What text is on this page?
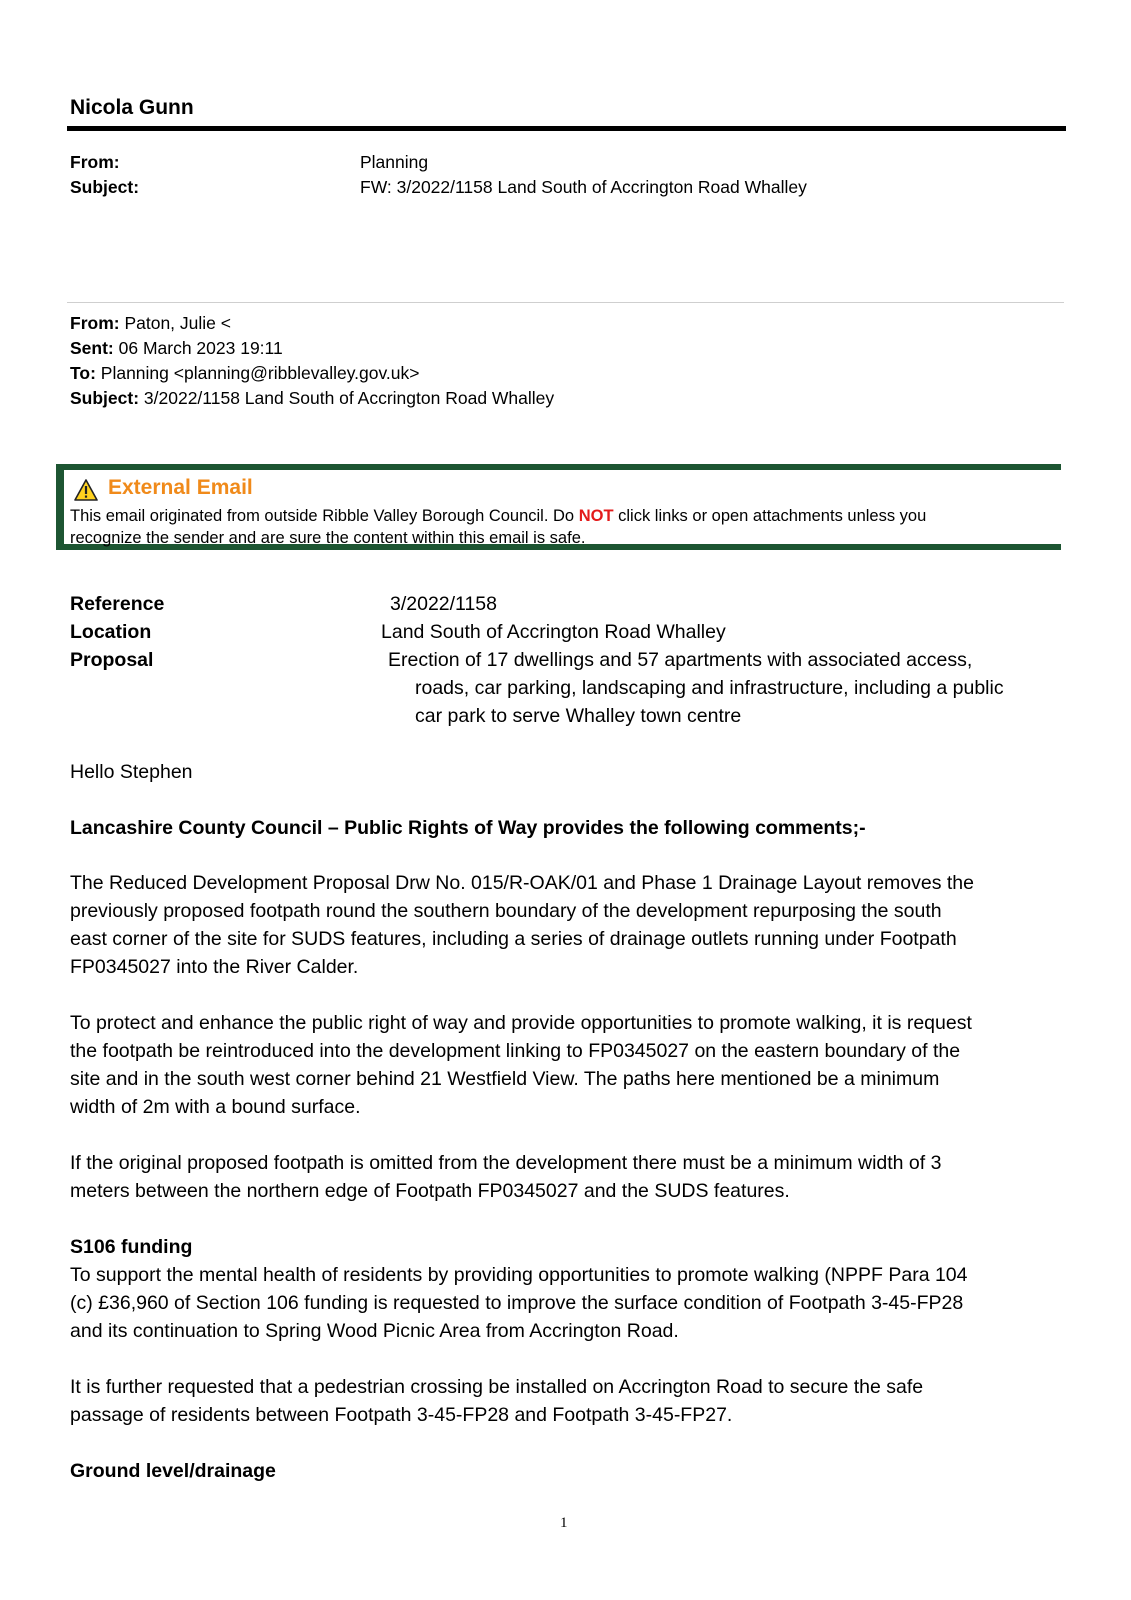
Nicola Gunn
From:	Planning
Subject:	FW: 3/2022/1158 Land South of Accrington Road Whalley
From: Paton, Julie <
Sent: 06 March 2023 19:11
To: Planning <planning@ribblevalley.gov.uk>
Subject: 3/2022/1158 Land South of Accrington Road Whalley
External Email
This email originated from outside Ribble Valley Borough Council. Do NOT click links or open attachments unless you
recognize the sender and are sure the content within this email is safe.
Reference	3/2022/1158
Location	Land South of Accrington Road Whalley
Proposal	Erection of 17 dwellings and 57 apartments with associated access,
roads, car parking, landscaping and infrastructure, including a public
car park to serve Whalley town centre
Hello Stephen
Lancashire County Council – Public Rights of Way provides the following comments;-
The Reduced Development Proposal Drw No. 015/R-OAK/01 and Phase 1 Drainage Layout removes the
previously proposed footpath round the southern boundary of the development repurposing the south
east corner of the site for SUDS features, including a series of drainage outlets running under Footpath
FP0345027 into the River Calder.
To protect and enhance the public right of way and provide opportunities to promote walking, it is request
the footpath be reintroduced into the development linking to FP0345027 on the eastern boundary of the
site and in the south west corner behind 21 Westfield View. The paths here mentioned be a minimum
width of 2m with a bound surface.
If the original proposed footpath is omitted from the development there must be a minimum width of 3
meters between the northern edge of Footpath FP0345027 and the SUDS features.
S106 funding
To support the mental health of residents by providing opportunities to promote walking (NPPF Para 104
(c) £36,960 of Section 106 funding is requested to improve the surface condition of Footpath 3-45-FP28
and its continuation to Spring Wood Picnic Area from Accrington Road.
It is further requested that a pedestrian crossing be installed on Accrington Road to secure the safe
passage of residents between Footpath 3-45-FP28 and Footpath 3-45-FP27.
Ground level/drainage
1
